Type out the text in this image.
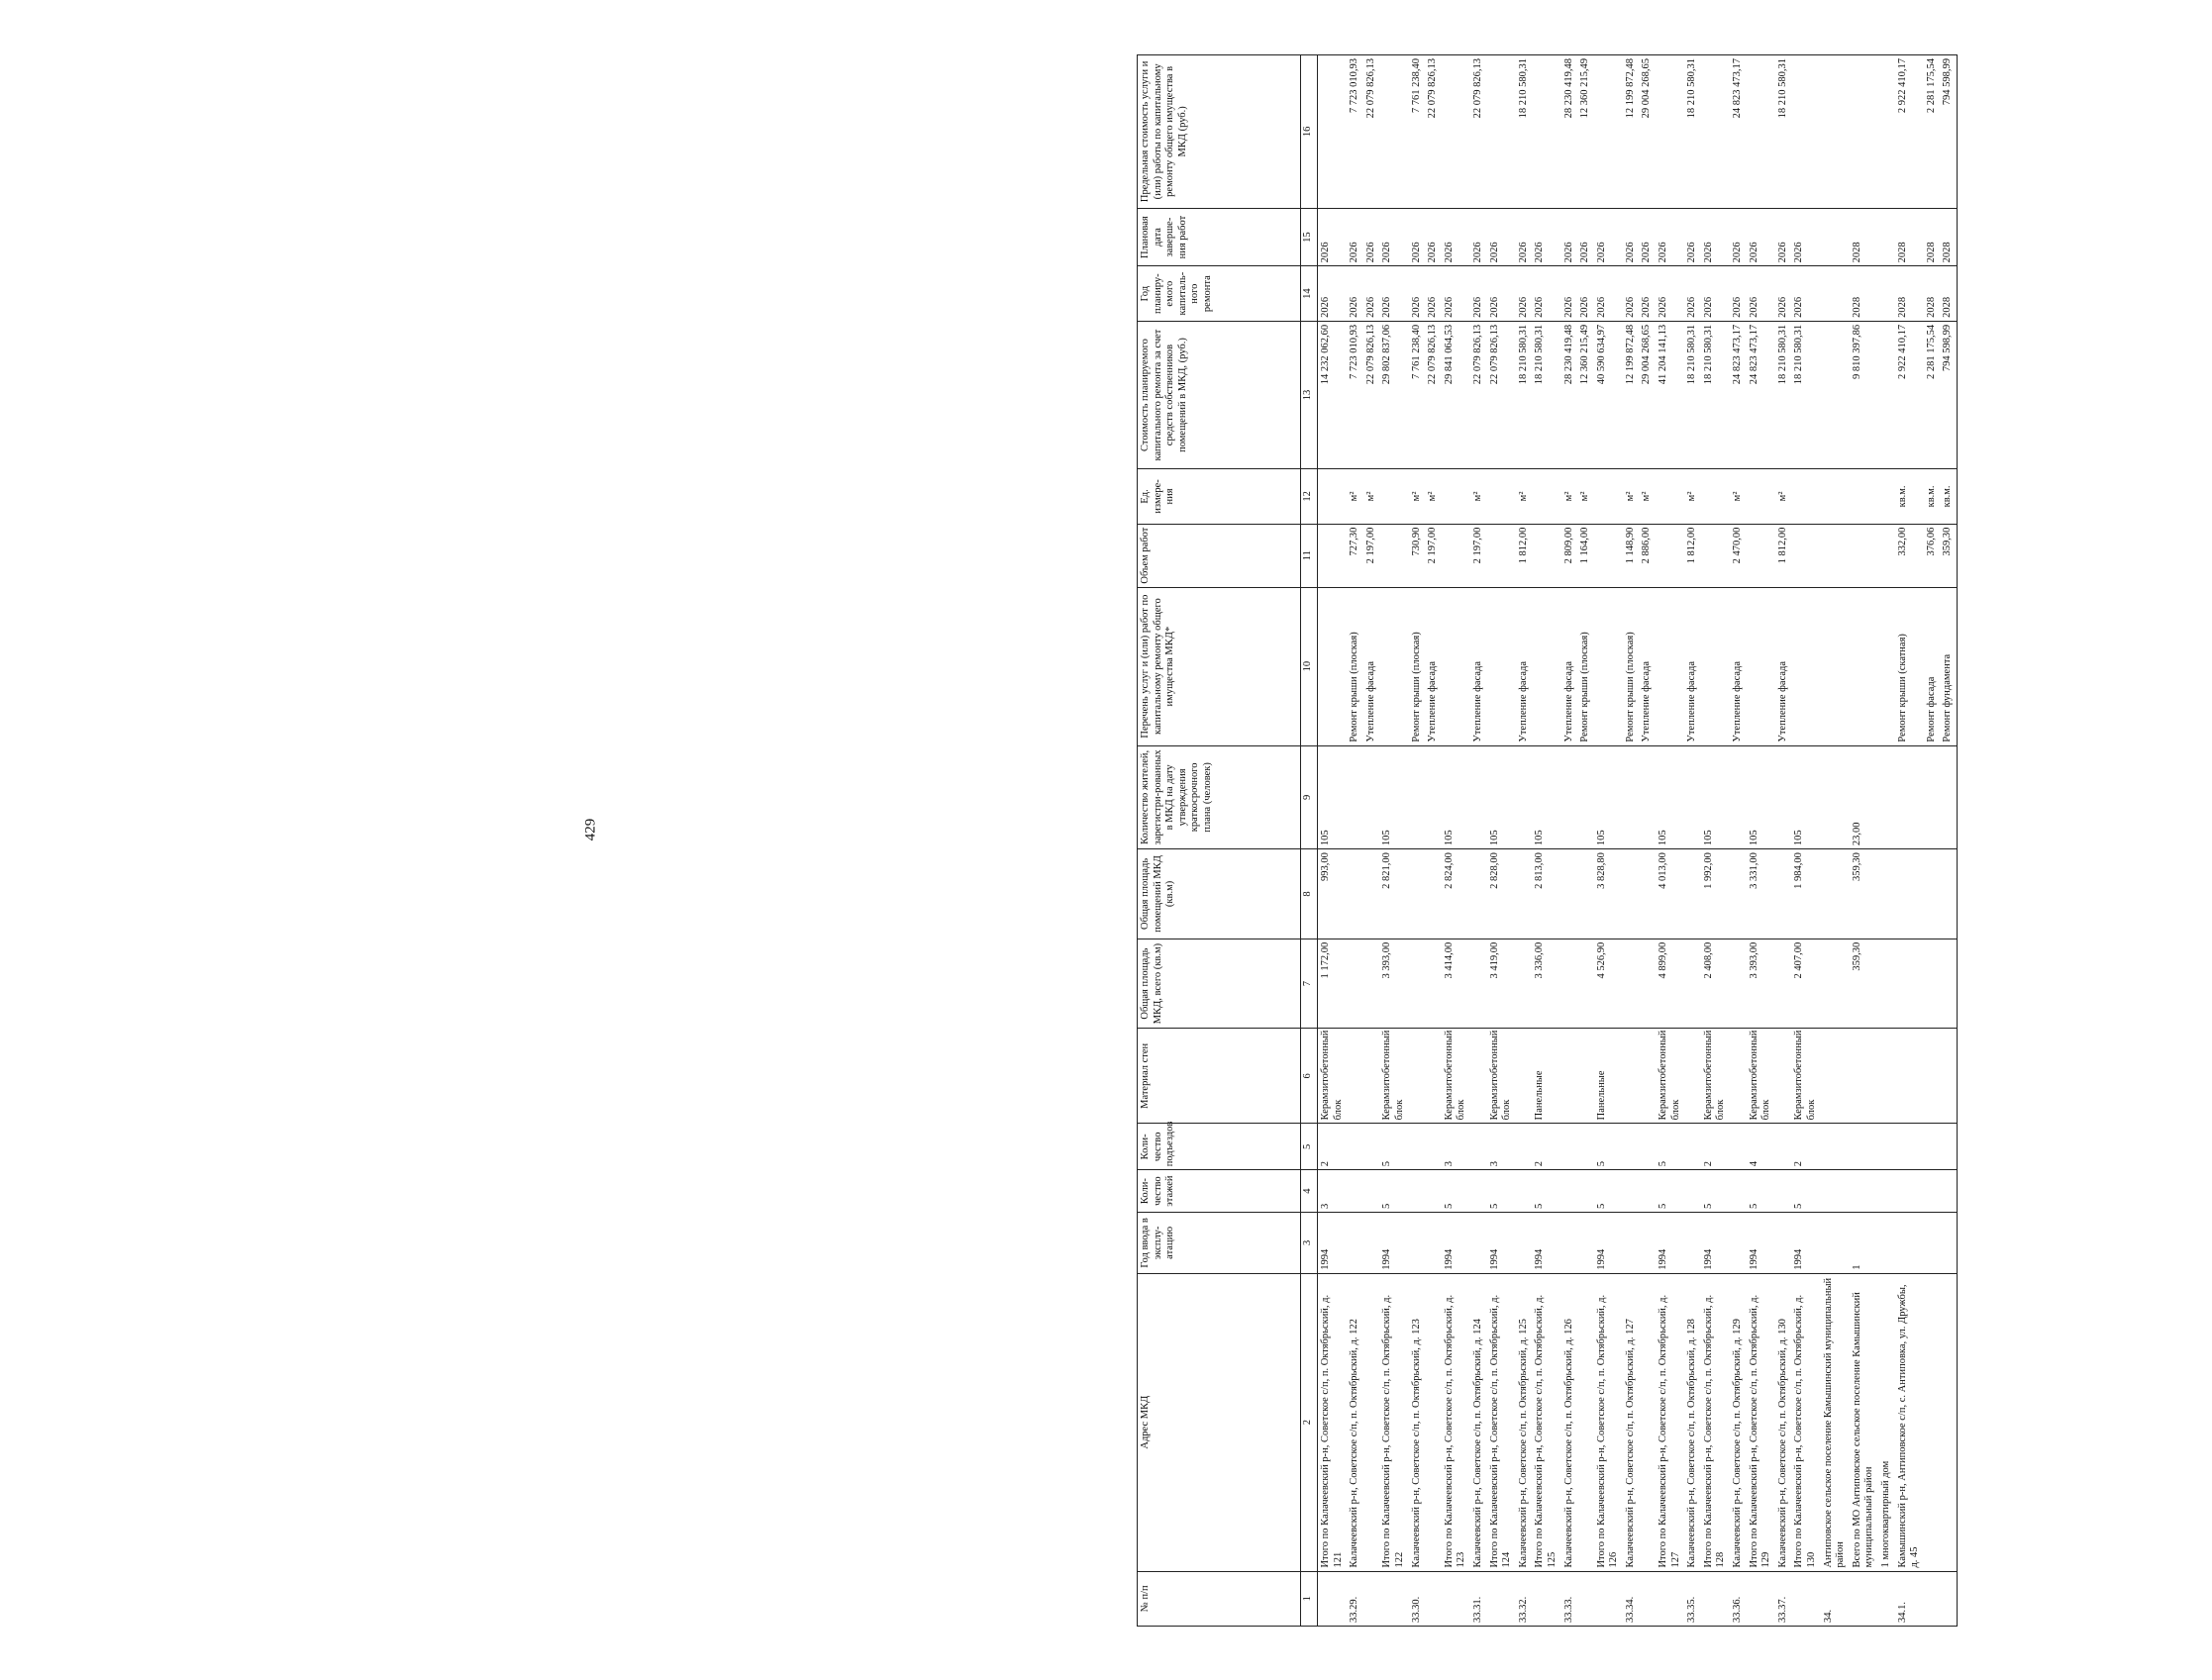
429
№ п/п	Адрес МКД	Год ввода в эксплу-атацию	Коли-чество этажей	Коли-чество подъездов	Материал стен	Общая площадь МКД, всего (кв.м)	Общая площадь помещений МКД (кв.м)	Количество жителей, зарегистри-рованных в МКД на дату утверждения краткосрочного плана (человек)	Перечень услуг и (или) работ по капитальному ремонту общего имущества МКД*	Объем работ	Ед. измере-ния	Стоимость планируемого капитального ремонта за счет средств собственников помещений в МКД, (руб.)	Год планиру-емого капиталь-ного ремонта	Плановая дата заверше-ния работ	Предельная стоимость услуги и (или) работы по капитальному ремонту общего имущества в МКД (руб.)
1	2	3	4	5	6	7	8	9	10	11	12	13	14	15	16
	Итого по Калачеевский р-н, Советское с/п, п. Октябрьский, д. 121	1994	3	2	Керамзитобетонный блок	1 172,00	993,00	105				14 232 062,60	2026	2026	
33.29.	Калачеевский р-н, Советское с/п, п. Октябрьский, д. 122								Ремонт крыши (плоская)	727,30	м²	7 723 010,93	2026	2026	7 723 010,93
									Утепление фасада	2 197,00	м²	22 079 826,13	2026	2026	22 079 826,13
	Итого по Калачеевский р-н, Советское с/п, п. Октябрьский, д. 122	1994	5	5	Керамзитобетонный блок	3 393,00	2 821,00	105				29 802 837,06	2026	2026	
33.30.	Калачеевский р-н, Советское с/п, п. Октябрьский, д. 123								Ремонт крыши (плоская)	730,90	м²	7 761 238,40	2026	2026	7 761 238,40
									Утепление фасада	2 197,00	м²	22 079 826,13	2026	2026	22 079 826,13
	Итого по Калачеевский р-н, Советское с/п, п. Октябрьский, д. 123	1994	5	3	Керамзитобетонный блок	3 414,00	2 824,00	105				29 841 064,53	2026	2026	
33.31.	Калачеевский р-н, Советское с/п, п. Октябрьский, д. 124								Утепление фасада	2 197,00	м²	22 079 826,13	2026	2026	22 079 826,13
	Итого по Калачеевский р-н, Советское с/п, п. Октябрьский, д. 124	1994	5	3	Керамзитобетонный блок	3 419,00	2 828,00	105				22 079 826,13	2026	2026	
33.32.	Калачеевский р-н, Советское с/п, п. Октябрьский, д. 125								Утепление фасада	1 812,00	м²	18 210 580,31	2026	2026	18 210 580,31
	Итого по Калачеевский р-н, Советское с/п, п. Октябрьский, д. 125	1994	5	2	Панельные	3 336,00	2 813,00	105				18 210 580,31	2026	2026	
33.33.	Калачеевский р-н, Советское с/п, п. Октябрьский, д. 126								Утепление фасада	2 809,00	м²	28 230 419,48	2026	2026	28 230 419,48
									Ремонт крыши (плоская)	1 164,00	м²	12 360 215,49	2026	2026	12 360 215,49
	Итого по Калачеевский р-н, Советское с/п, п. Октябрьский, д. 126	1994	5	5	Панельные	4 526,90	3 828,80	105				40 590 634,97	2026	2026	
33.34.	Калачеевский р-н, Советское с/п, п. Октябрьский, д. 127								Ремонт крыши (плоская)	1 148,90	м²	12 199 872,48	2026	2026	12 199 872,48
									Утепление фасада	2 886,00	м²	29 004 268,65	2026	2026	29 004 268,65
	Итого по Калачеевский р-н, Советское с/п, п. Октябрьский, д. 127	1994	5	5	Керамзитобетонный блок	4 899,00	4 013,00	105				41 204 141,13	2026	2026	
33.35.	Калачеевский р-н, Советское с/п, п. Октябрьский, д. 128								Утепление фасада	1 812,00	м²	18 210 580,31	2026	2026	18 210 580,31
	Итого по Калачеевский р-н, Советское с/п, п. Октябрьский, д. 128	1994	5	2	Керамзитобетонный блок	2 408,00	1 992,00	105				18 210 580,31	2026	2026	
33.36.	Калачеевский р-н, Советское с/п, п. Октябрьский, д. 129								Утепление фасада	2 470,00	м²	24 823 473,17	2026	2026	24 823 473,17
	Итого по Калачеевский р-н, Советское с/п, п. Октябрьский, д. 129	1994	5	4	Керамзитобетонный блок	3 393,00	3 331,00	105				24 823 473,17	2026	2026	
33.37.	Калачеевский р-н, Советское с/п, п. Октябрьский, д. 130								Утепление фасада	1 812,00	м²	18 210 580,31	2026	2026	18 210 580,31
	Итого по Калачеевский р-н, Советское с/п, п. Октябрьский, д. 130	1994	5	2	Керамзитобетонный блок	2 407,00	1 984,00	105				18 210 580,31	2026	2026	
34.	Антиповское сельское поселение Камышинский муниципальный район														
	Всего по МО Антиповское сельское поселение Камышинский муниципальный район	1				359,30	359,30	23,00				9 810 397,86	2028	2028	
	1 многоквартирный дом														
34.1.	Камышинский р-н, Антиповское с/п, с. Антиповка, ул. Дружбы, д. 45								Ремонт крыши (скатная)	332,00	кв.м.	2 922 410,17	2028	2028	2 922 410,17
									Ремонт фасада	376,06	кв.м.	2 281 175,54	2028	2028	2 281 175,54
									Ремонт фундамента	359,30	кв.м.	794 598,99	2028	2028	794 598,99
